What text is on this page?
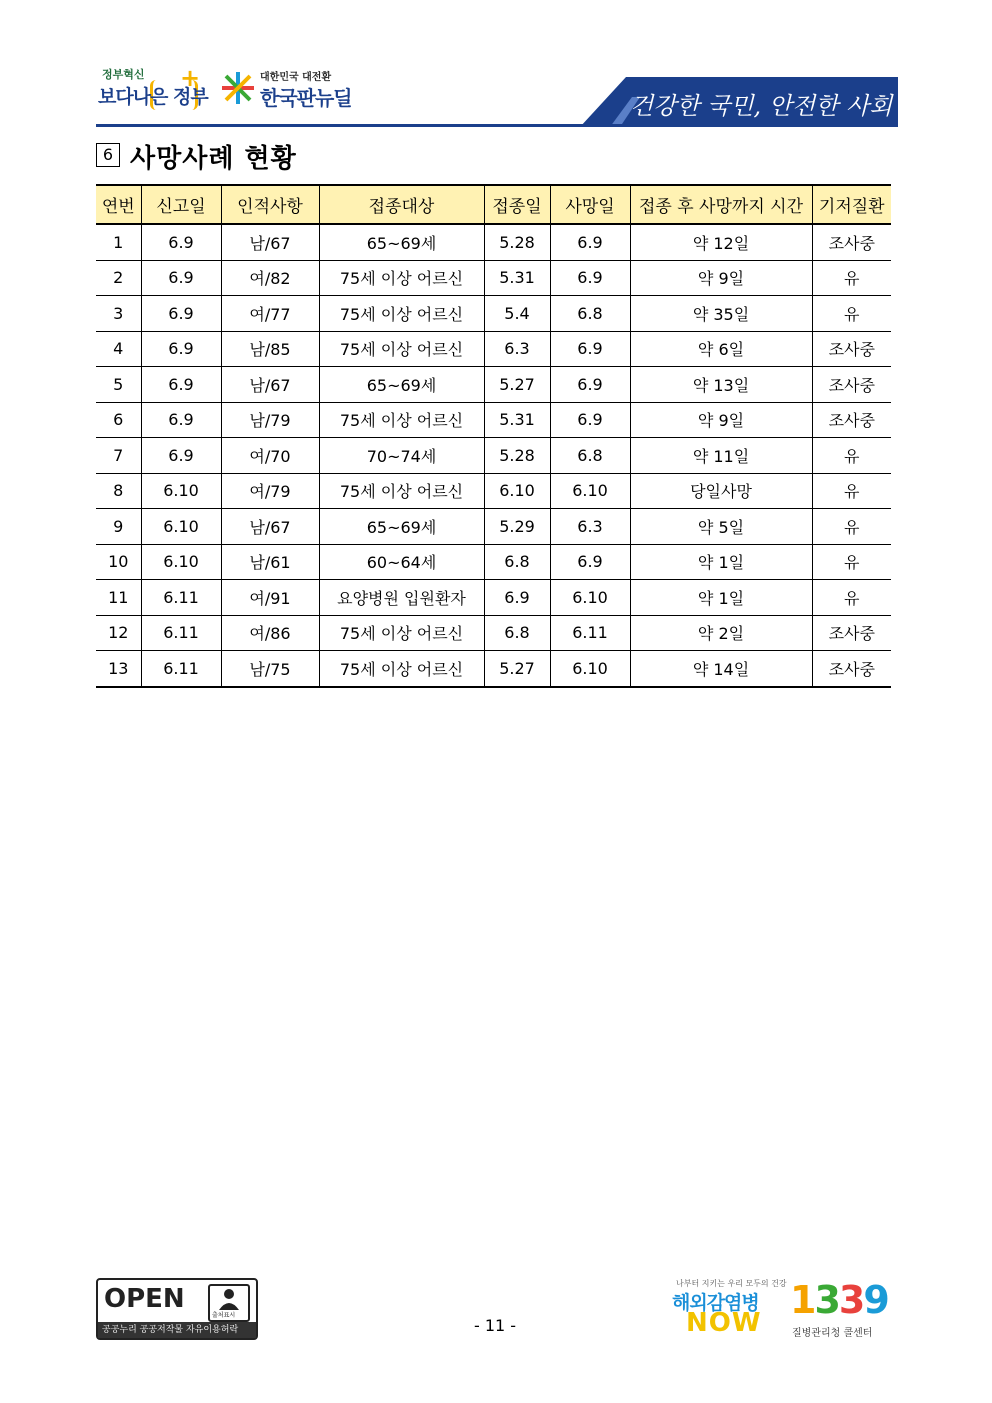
정부혁신
보다나은 정부
+	대한민국 대전환
한국판뉴딜	건강한 국민, 안전한 사회
6 사망사례 현황
연번	신고일	인적사항	접종대상	접종일	사망일	접종 후 사망까지 시간	기저질환
1	6.9	남/67	65~69세	5.28	6.9	약 12일	조사중
2	6.9	여/82	75세 이상 어르신	5.31	6.9	약 9일	유
3	6.9	여/77	75세 이상 어르신	5.4	6.8	약 35일	유
4	6.9	남/85	75세 이상 어르신	6.3	6.9	약 6일	조사중
5	6.9	남/67	65~69세	5.27	6.9	약 13일	조사중
6	6.9	남/79	75세 이상 어르신	5.31	6.9	약 9일	조사중
7	6.9	여/70	70~74세	5.28	6.8	약 11일	유
8	6.10	여/79	75세 이상 어르신	6.10	6.10	당일사망	유
9	6.10	남/67	65~69세	5.29	6.3	약 5일	유
10	6.10	남/61	60~64세	6.8	6.9	약 1일	유
11	6.11	여/91	요양병원 입원환자	6.9	6.10	약 1일	유
12	6.11	여/86	75세 이상 어르신	6.8	6.11	약 2일	조사중
13	6.11	남/75	75세 이상 어르신	5.27	6.10	약 14일	조사중
OPEN
출처표시
공공누리 공공저작물 자유이용허락	- 11 -
나부터 지키는 우리 모두의 건강
해외감염병
NOW
1339
질병관리청 콜센터
